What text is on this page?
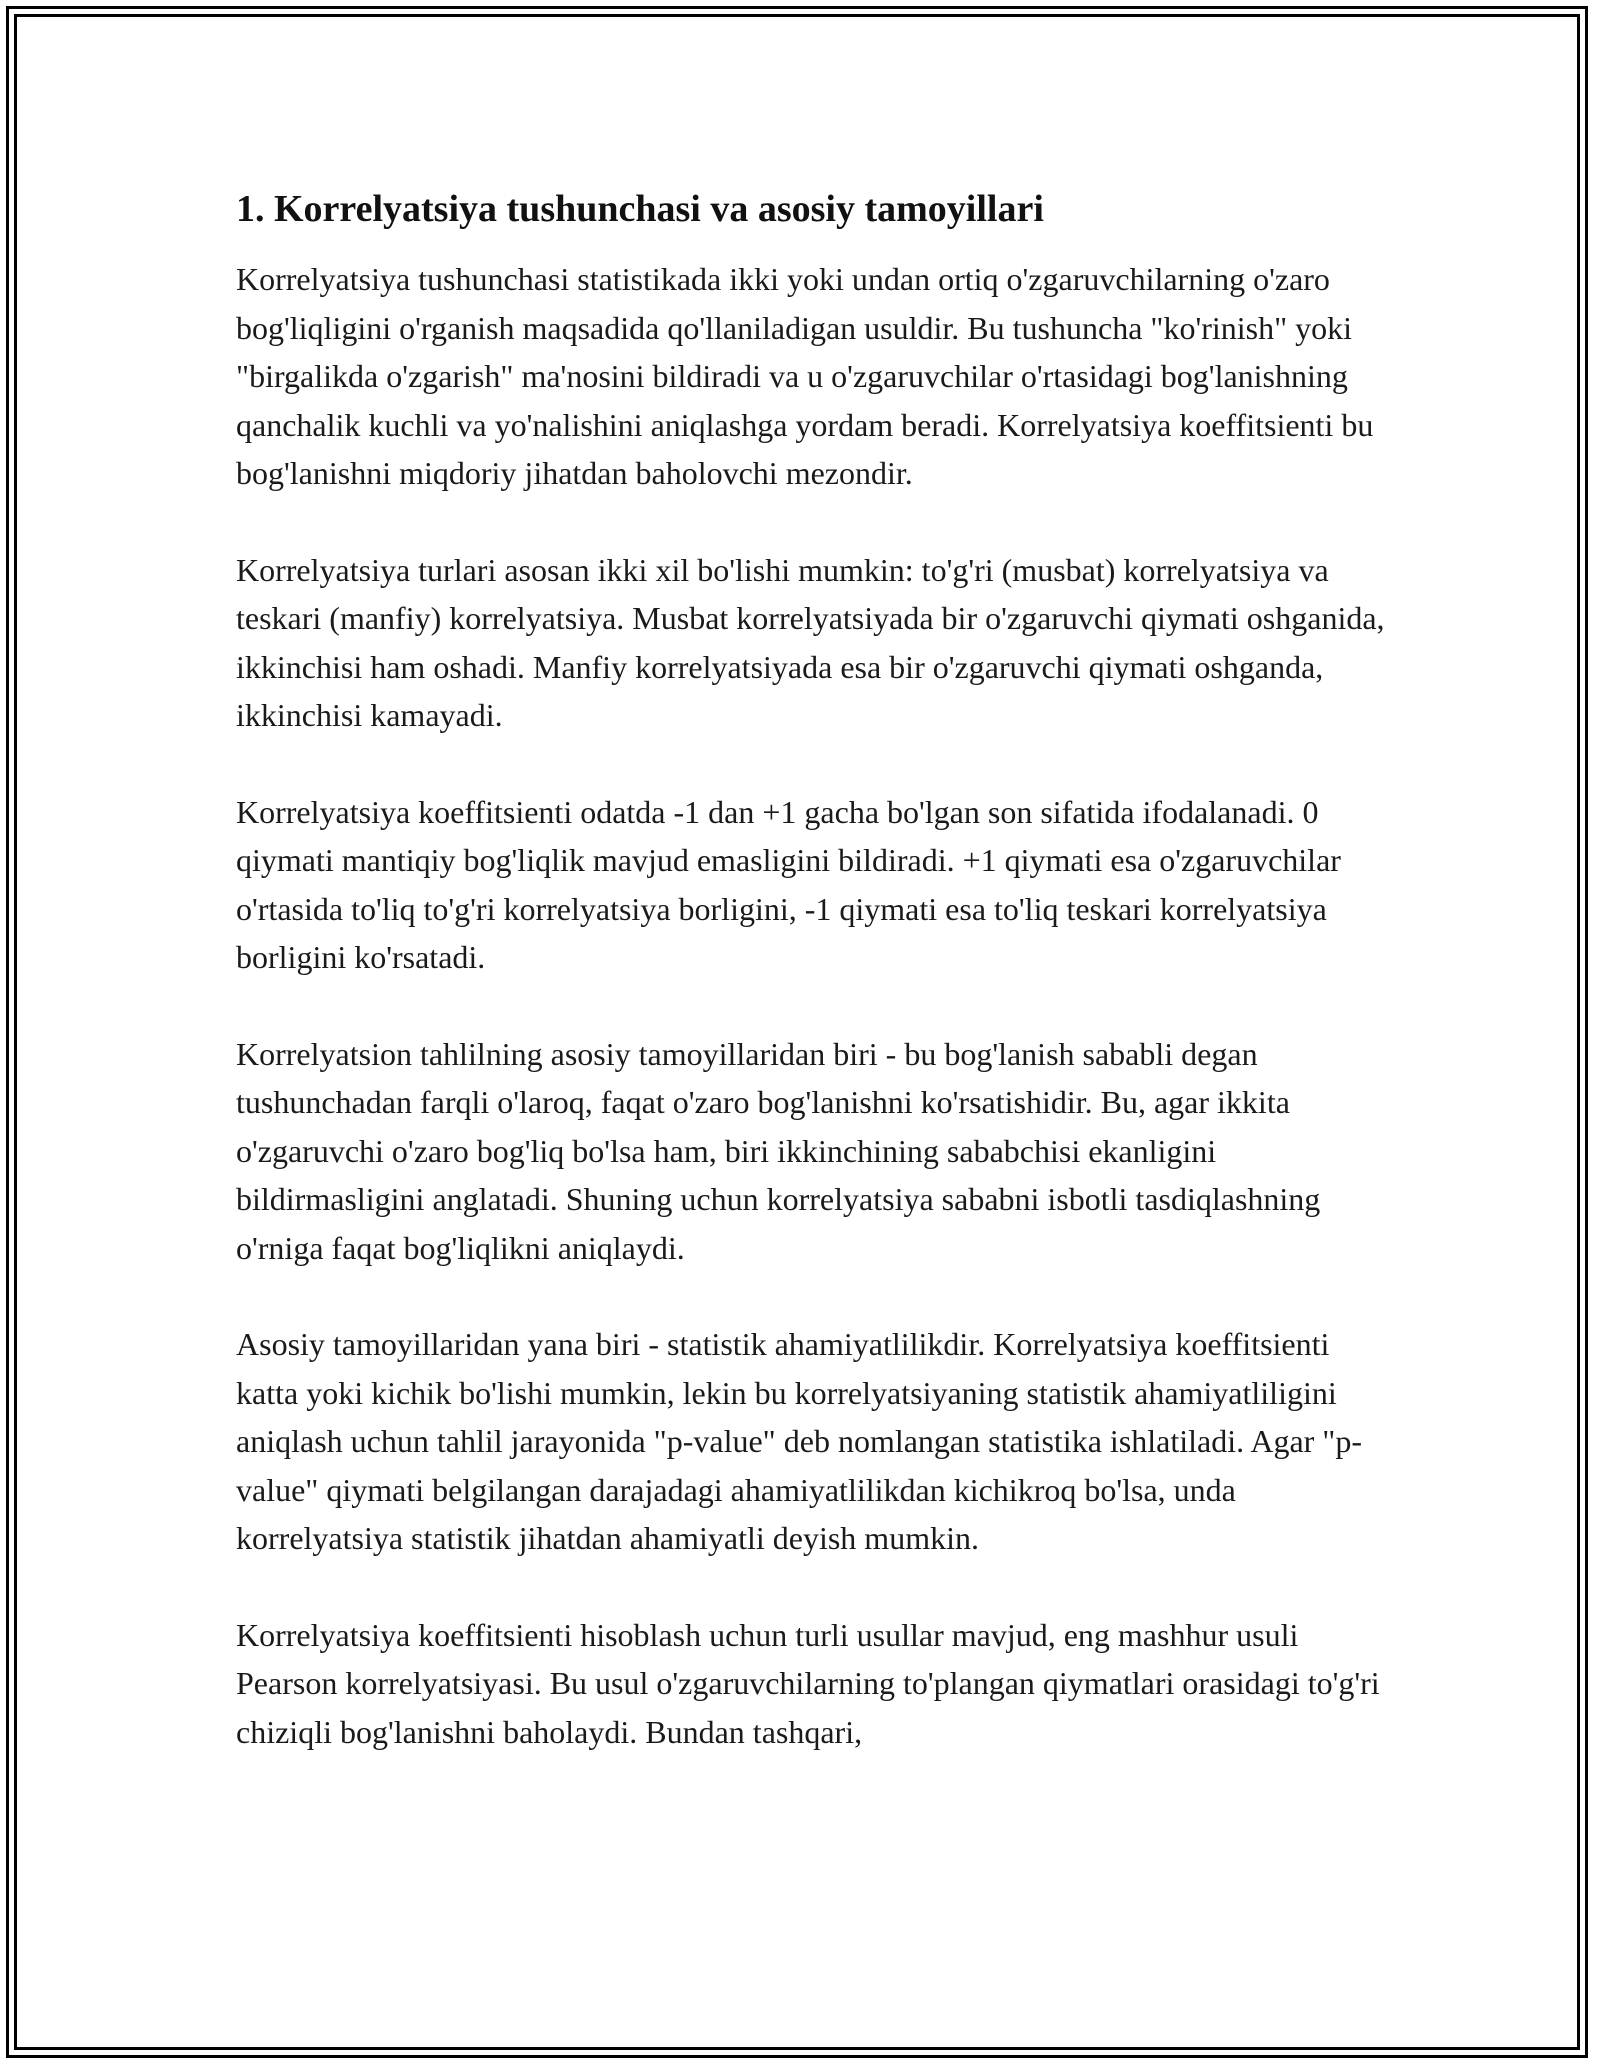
1. Korrelyatsiya tushunchasi va asosiy tamoyillari

Korrelyatsiya tushunchasi statistikada ikki yoki undan ortiq o'zgaruvchilarning o'zaro bog'liqligini o'rganish maqsadida qo'llaniladigan usuldir. Bu tushuncha "ko'rinish" yoki "birgalikda o'zgarish" ma'nosini bildiradi va u o'zgaruvchilar o'rtasidagi bog'lanishning qanchalik kuchli va yo'nalishini aniqlashga yordam beradi. Korrelyatsiya koeffitsienti bu bog'lanishni miqdoriy jihatdan baholovchi mezondir.

Korrelyatsiya turlari asosan ikki xil bo'lishi mumkin: to'g'ri (musbat) korrelyatsiya va teskari (manfiy) korrelyatsiya. Musbat korrelyatsiyada bir o'zgaruvchi qiymati oshganida, ikkinchisi ham oshadi. Manfiy korrelyatsiyada esa bir o'zgaruvchi qiymati oshganda, ikkinchisi kamayadi.

Korrelyatsiya koeffitsienti odatda -1 dan +1 gacha bo'lgan son sifatida ifodalanadi. 0 qiymati mantiqiy bog'liqlik mavjud emasligini bildiradi. +1 qiymati esa o'zgaruvchilar o'rtasida to'liq to'g'ri korrelyatsiya borligini, -1 qiymati esa to'liq teskari korrelyatsiya borligini ko'rsatadi.

Korrelyatsion tahlilning asosiy tamoyillaridan biri - bu bog'lanish sababli degan tushunchadan farqli o'laroq, faqat o'zaro bog'lanishni ko'rsatishidir. Bu, agar ikkita o'zgaruvchi o'zaro bog'liq bo'lsa ham, biri ikkinchining sababchisi ekanligini bildirmasligini anglatadi. Shuning uchun korrelyatsiya sababni isbotli tasdiqlashning o'rniga faqat bog'liqlikni aniqlaydi.

Asosiy tamoyillaridan yana biri - statistik ahamiyatlilikdir. Korrelyatsiya koeffitsienti katta yoki kichik bo'lishi mumkin, lekin bu korrelyatsiyaning statistik ahamiyatliligini aniqlash uchun tahlil jarayonida "p-value" deb nomlangan statistika ishlatiladi. Agar "p-value" qiymati belgilangan darajadagi ahamiyatlilikdan kichikroq bo'lsa, unda korrelyatsiya statistik jihatdan ahamiyatli deyish mumkin.

Korrelyatsiya koeffitsienti hisoblash uchun turli usullar mavjud, eng mashhur usuli Pearson korrelyatsiyasi. Bu usul o'zgaruvchilarning to'plangan qiymatlari orasidagi to'g'ri chiziqli bog'lanishni baholaydi. Bundan tashqari,
